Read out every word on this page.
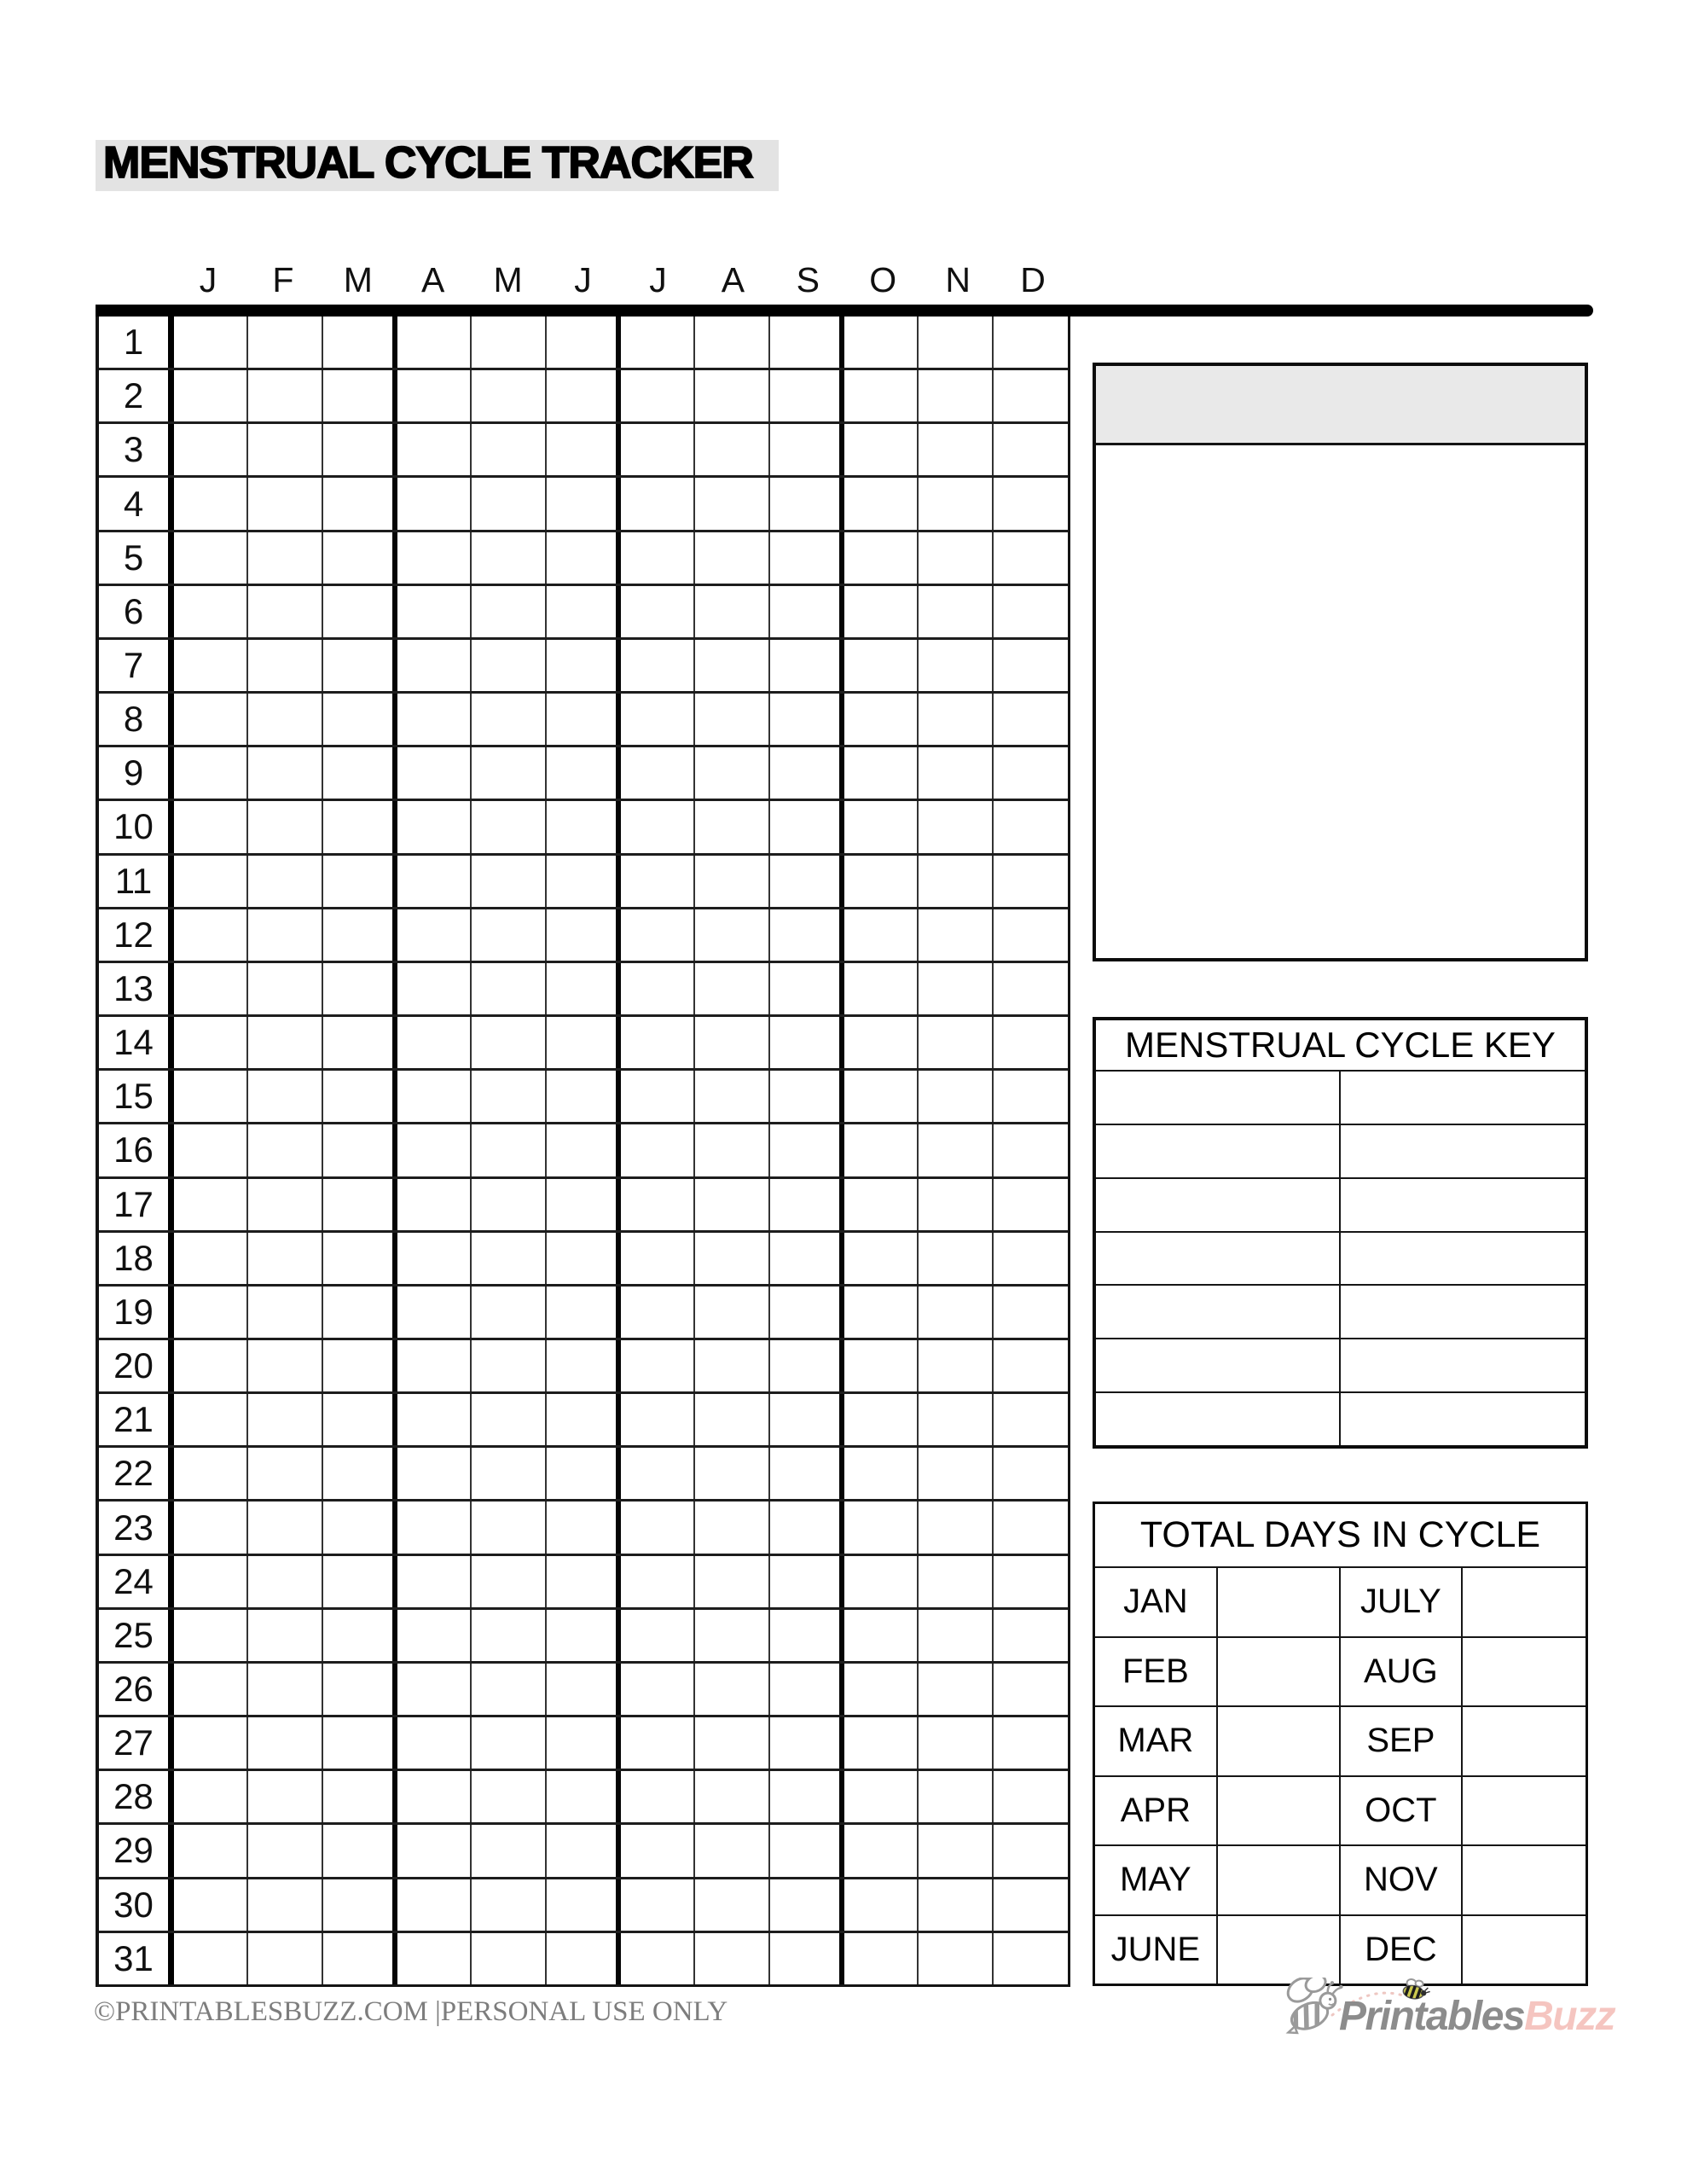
MENSTRUAL CYCLE TRACKER
J	F	M	A	M	J	J	A	S	O	N	D
1
2
3
4
5
6
7
8
9
10
11
12
13
14
15
16
17
18
19
20
21
22
23
24
25
26
27
28
29
30
31
MENSTRUAL CYCLE KEY
TOTAL DAYS IN CYCLE
JAN	JULY
FEB	AUG
MAR	SEP
APR	OCT
MAY	NOV
JUNE	DEC
©PRINTABLESBUZZ.COM |PERSONAL USE ONLY	PrintablesBuzz
